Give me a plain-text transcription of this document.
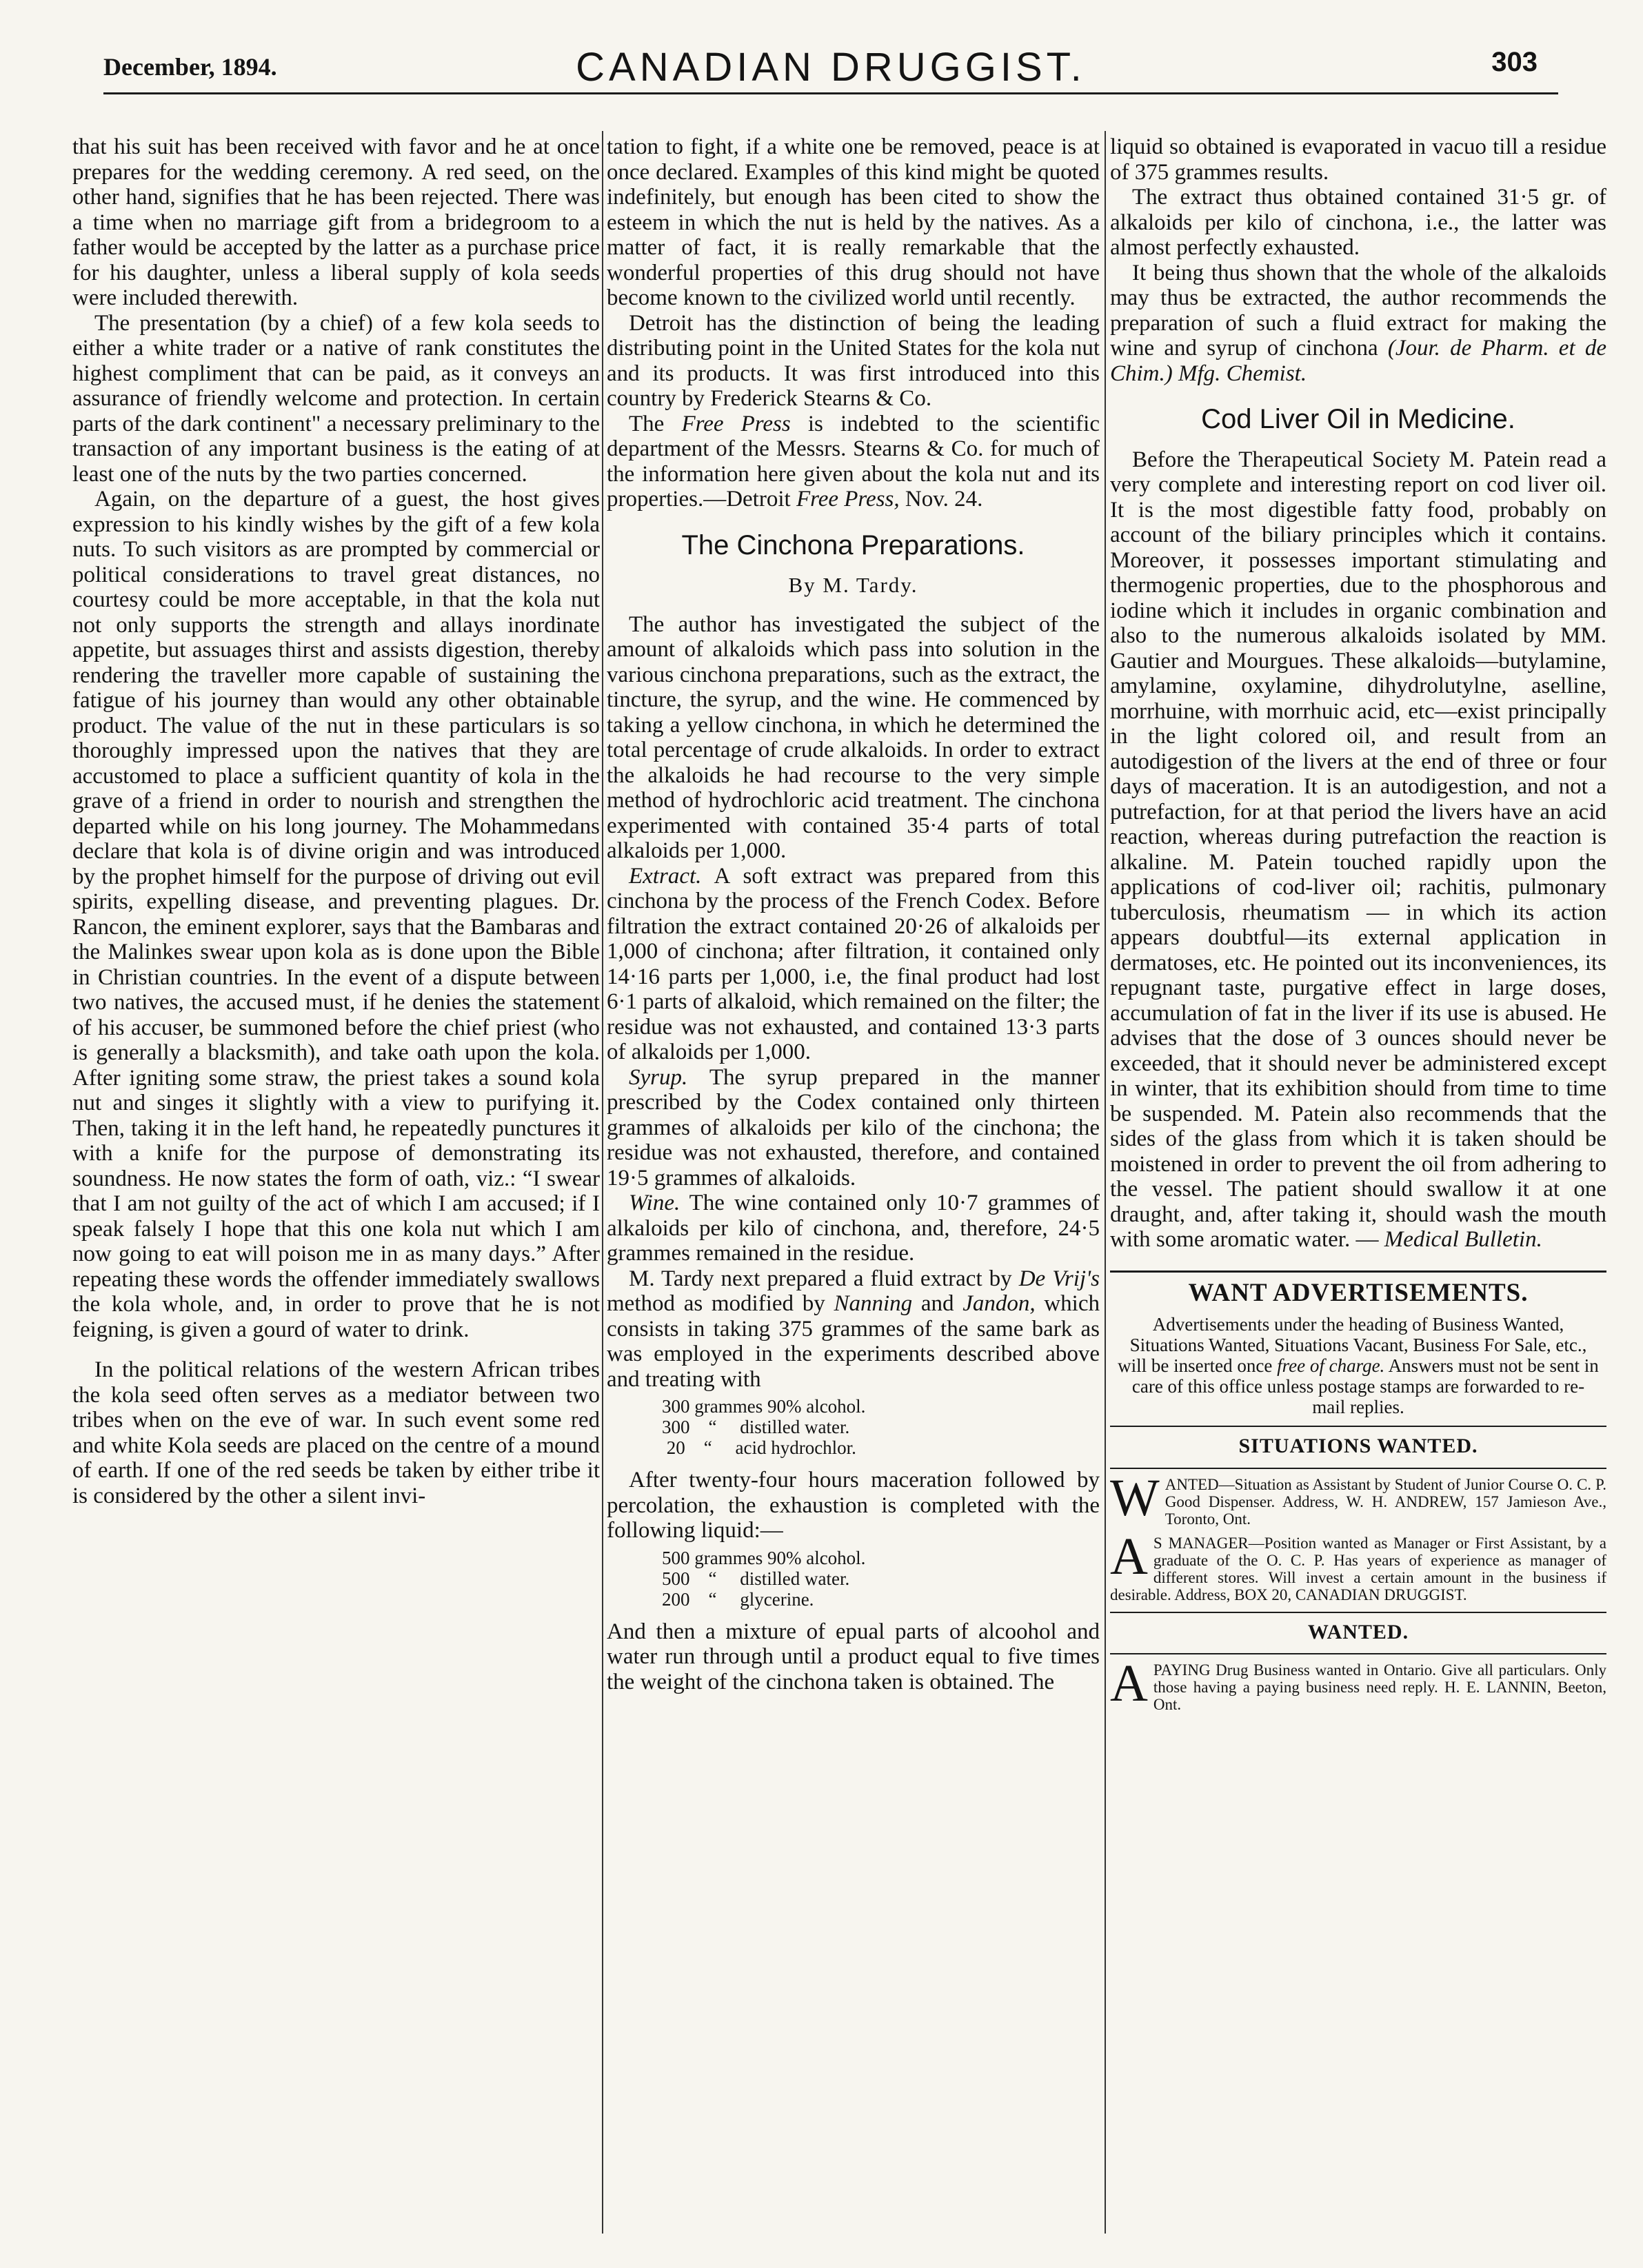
December, 1894.	CANADIAN DRUGGIST.	303

that his suit has been received with favor and he at once prepares for the wedding ceremony. A red seed, on the other hand, signifies that he has been rejected. There was a time when no marriage gift from a bridegroom to a father would be accepted by the latter as a purchase price for his daughter, unless a liberal supply of kola seeds were included therewith.

The presentation (by a chief) of a few kola seeds to either a white trader or a native of rank constitutes the highest compliment that can be paid, as it conveys an assurance of friendly welcome and protection. In certain parts of the dark continent" a necessary preliminary to the transaction of any important business is the eating of at least one of the nuts by the two parties concerned.

Again, on the departure of a guest, the host gives expression to his kindly wishes by the gift of a few kola nuts. To such visitors as are prompted by commercial or political considerations to travel great distances, no courtesy could be more acceptable, in that the kola nut not only supports the strength and allays inordinate appetite, but assuages thirst and assists digestion, thereby rendering the traveller more capable of sustaining the fatigue of his journey than would any other obtainable product. The value of the nut in these particulars is so thoroughly impressed upon the natives that they are accustomed to place a sufficient quantity of kola in the grave of a friend in order to nourish and strengthen the departed while on his long journey. The Mohammedans declare that kola is of divine origin and was introduced by the prophet himself for the purpose of driving out evil spirits, expelling disease, and preventing plagues. Dr. Rancon, the eminent explorer, says that the Bambaras and the Malinkes swear upon kola as is done upon the Bible in Christian countries. In the event of a dispute between two natives, the accused must, if he denies the statement of his accuser, be summoned before the chief priest (who is generally a blacksmith), and take oath upon the kola. After igniting some straw, the priest takes a sound kola nut and singes it slightly with a view to purifying it. Then, taking it in the left hand, he repeatedly punctures it with a knife for the purpose of demonstrating its soundness. He now states the form of oath, viz.: “I swear that I am not guilty of the act of which I am accused; if I speak falsely I hope that this one kola nut which I am now going to eat will poison me in as many days.” After repeating these words the offender immediately swallows the kola whole, and, in order to prove that he is not feigning, is given a gourd of water to drink.

In the political relations of the western African tribes the kola seed often serves as a mediator between two tribes when on the eve of war. In such event some red and white Kola seeds are placed on the centre of a mound of earth. If one of the red seeds be taken by either tribe it is considered by the other a silent invi-

tation to fight, if a white one be removed, peace is at once declared. Examples of this kind might be quoted indefinitely, but enough has been cited to show the esteem in which the nut is held by the natives. As a matter of fact, it is really remarkable that the wonderful properties of this drug should not have become known to the civilized world until recently.

Detroit has the distinction of being the leading distributing point in the United States for the kola nut and its products. It was first introduced into this country by Frederick Stearns & Co.

The Free Press is indebted to the scientific department of the Messrs. Stearns & Co. for much of the information here given about the kola nut and its properties.—Detroit Free Press, Nov. 24.

The Cinchona Preparations.
By M. Tardy.

The author has investigated the subject of the amount of alkaloids which pass into solution in the various cinchona preparations, such as the extract, the tincture, the syrup, and the wine. He commenced by taking a yellow cinchona, in which he determined the total percentage of crude alkaloids. In order to extract the alkaloids he had recourse to the very simple method of hydrochloric acid treatment. The cinchona experimented with contained 35·4 parts of total alkaloids per 1,000.

Extract. A soft extract was prepared from this cinchona by the process of the French Codex. Before filtration the extract contained 20·26 of alkaloids per 1,000 of cinchona; after filtration, it contained only 14·16 parts per 1,000, i.e, the final product had lost 6·1 parts of alkaloid, which remained on the filter; the residue was not exhausted, and contained 13·3 parts of alkaloids per 1,000.

Syrup. The syrup prepared in the manner prescribed by the Codex contained only thirteen grammes of alkaloids per kilo of the cinchona; the residue was not exhausted, therefore, and contained 19·5 grammes of alkaloids.

Wine. The wine contained only 10·7 grammes of alkaloids per kilo of cinchona, and, therefore, 24·5 grammes remained in the residue.

M. Tardy next prepared a fluid extract by De Vrij's method as modified by Nanning and Jandon, which consists in taking 375 grammes of the same bark as was employed in the experiments described above and treating with

300 grammes 90% alcohol.
300    “     distilled water.
20    “     acid hydrochlor.

After twenty-four hours maceration followed by percolation, the exhaustion is completed with the following liquid:—

500 grammes 90% alcohol.
500    “     distilled water.
200    “     glycerine.

And then a mixture of epual parts of alcoohol and water run through until a product equal to five times the weight of the cinchona taken is obtained. The

liquid so obtained is evaporated in vacuo till a residue of 375 grammes results.

The extract thus obtained contained 31·5 gr. of alkaloids per kilo of cinchona, i.e., the latter was almost perfectly exhausted.

It being thus shown that the whole of the alkaloids may thus be extracted, the author recommends the preparation of such a fluid extract for making the wine and syrup of cinchona (Jour. de Pharm. et de Chim.) Mfg. Chemist.

Cod Liver Oil in Medicine.

Before the Therapeutical Society M. Patein read a very complete and interesting report on cod liver oil. It is the most digestible fatty food, probably on account of the biliary principles which it contains. Moreover, it possesses important stimulating and thermogenic properties, due to the phosphorous and iodine which it includes in organic combination and also to the numerous alkaloids isolated by MM. Gautier and Mourgues. These alkaloids—butylamine, amylamine, oxylamine, dihydrolutylne, aselline, morrhuine, with morrhuic acid, etc—exist principally in the light colored oil, and result from an autodigestion of the livers at the end of three or four days of maceration. It is an autodigestion, and not a putrefaction, for at that period the livers have an acid reaction, whereas during putrefaction the reaction is alkaline. M. Patein touched rapidly upon the applications of cod-liver oil; rachitis, pulmonary tuberculosis, rheumatism — in which its action appears doubtful—its external application in dermatoses, etc. He pointed out its inconveniences, its repugnant taste, purgative effect in large doses, accumulation of fat in the liver if its use is abused. He advises that the dose of 3 ounces should never be exceeded, that it should never be administered except in winter, that its exhibition should from time to time be suspended. M. Patein also recommends that the sides of the glass from which it is taken should be moistened in order to prevent the oil from adhering to the vessel. The patient should swallow it at one draught, and, after taking it, should wash the mouth with some aromatic water. — Medical Bulletin.

WANT ADVERTISEMENTS.
Advertisements under the heading of Business Wanted, Situations Wanted, Situations Vacant, Business For Sale, etc., will be inserted once free of charge. Answers must not be sent in care of this office unless postage stamps are forwarded to re-mail replies.
SITUATIONS WANTED.
WANTED—Situation as Assistant by Student of Junior Course O. C. P. Good Dispenser. Address, W. H. ANDREW, 157 Jamieson Ave., Toronto, Ont.
A S MANAGER—Position wanted as Manager or First Assistant, by a graduate of the O. C. P. Has years of experience as manager of different stores. Will invest a certain amount in the business if desirable. Address, BOX 20, CANADIAN DRUGGIST.
WANTED.
A PAYING Drug Business wanted in Ontario. Give all particulars. Only those having a paying business need reply. H. E. LANNIN, Beeton, Ont.
